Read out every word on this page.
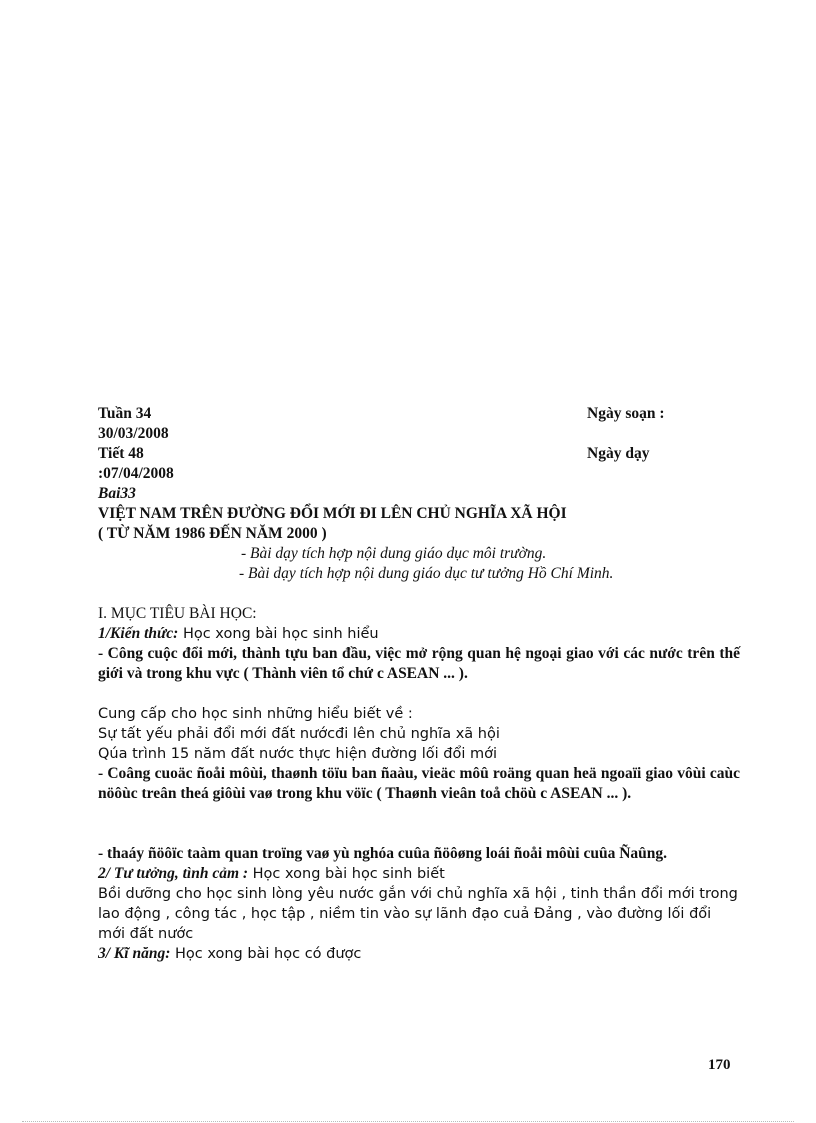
Tuần 34	Ngày soạn :
30/03/2008
Tiết 48	Ngày dạy
:07/04/2008
Bai33
VIỆT NAM TRÊN ĐƯỜNG ĐỔI MỚI ĐI LÊN CHỦ NGHĨA XÃ HỘI
( TỪ NĂM 1986 ĐẾN NĂM 2000 )
- Bài dạy tích hợp nội dung giáo dục môi trường.
- Bài dạy tích hợp nội dung giáo dục tư tưởng Hồ Chí Minh.
I. MỤC TIÊU BÀI HỌC:
1/Kiến thức: Học xong bài học sinh hiểu
- Công cuộc đổi mới, thành tựu ban đầu, việc mở rộng quan hệ ngoại giao với các nước trên thế giới và trong khu vực ( Thành viên tổ chứ c ASEAN ... ).
Cung cấp cho học sinh những hiểu biết về :
Sự tất yếu phải đổi mới đất nướcđi lên chủ nghĩa xã hội
Qúa trình 15 năm đất nước thực hiện đường lối đổi mới
- Coâng cuoäc ñoåi môùi, thaønh töïu ban ñaàu, vieäc môû roäng quan heä ngoaïi giao vôùi caùc nöôùc treân theá giôùi vaø trong khu vöïc ( Thaønh vieân toå chöù c ASEAN ... ).
- thaáy ñöôïc taàm quan troïng vaø yù nghóa cuûa ñöôøng loái ñoåi môùi cuûa Ñaûng.
2/ Tư tưởng, tình cảm : Học xong bài học sinh biết
Bồi dưỡng cho học sinh lòng yêu nước gắn với chủ nghĩa xã hội , tinh thần đổi mới trong lao động , công tác , học tập , niềm tin vào sự lãnh đạo cuả Đảng , vào đường lối đổi mới đất nước
3/ Kĩ năng: Học xong bài học có được
170
